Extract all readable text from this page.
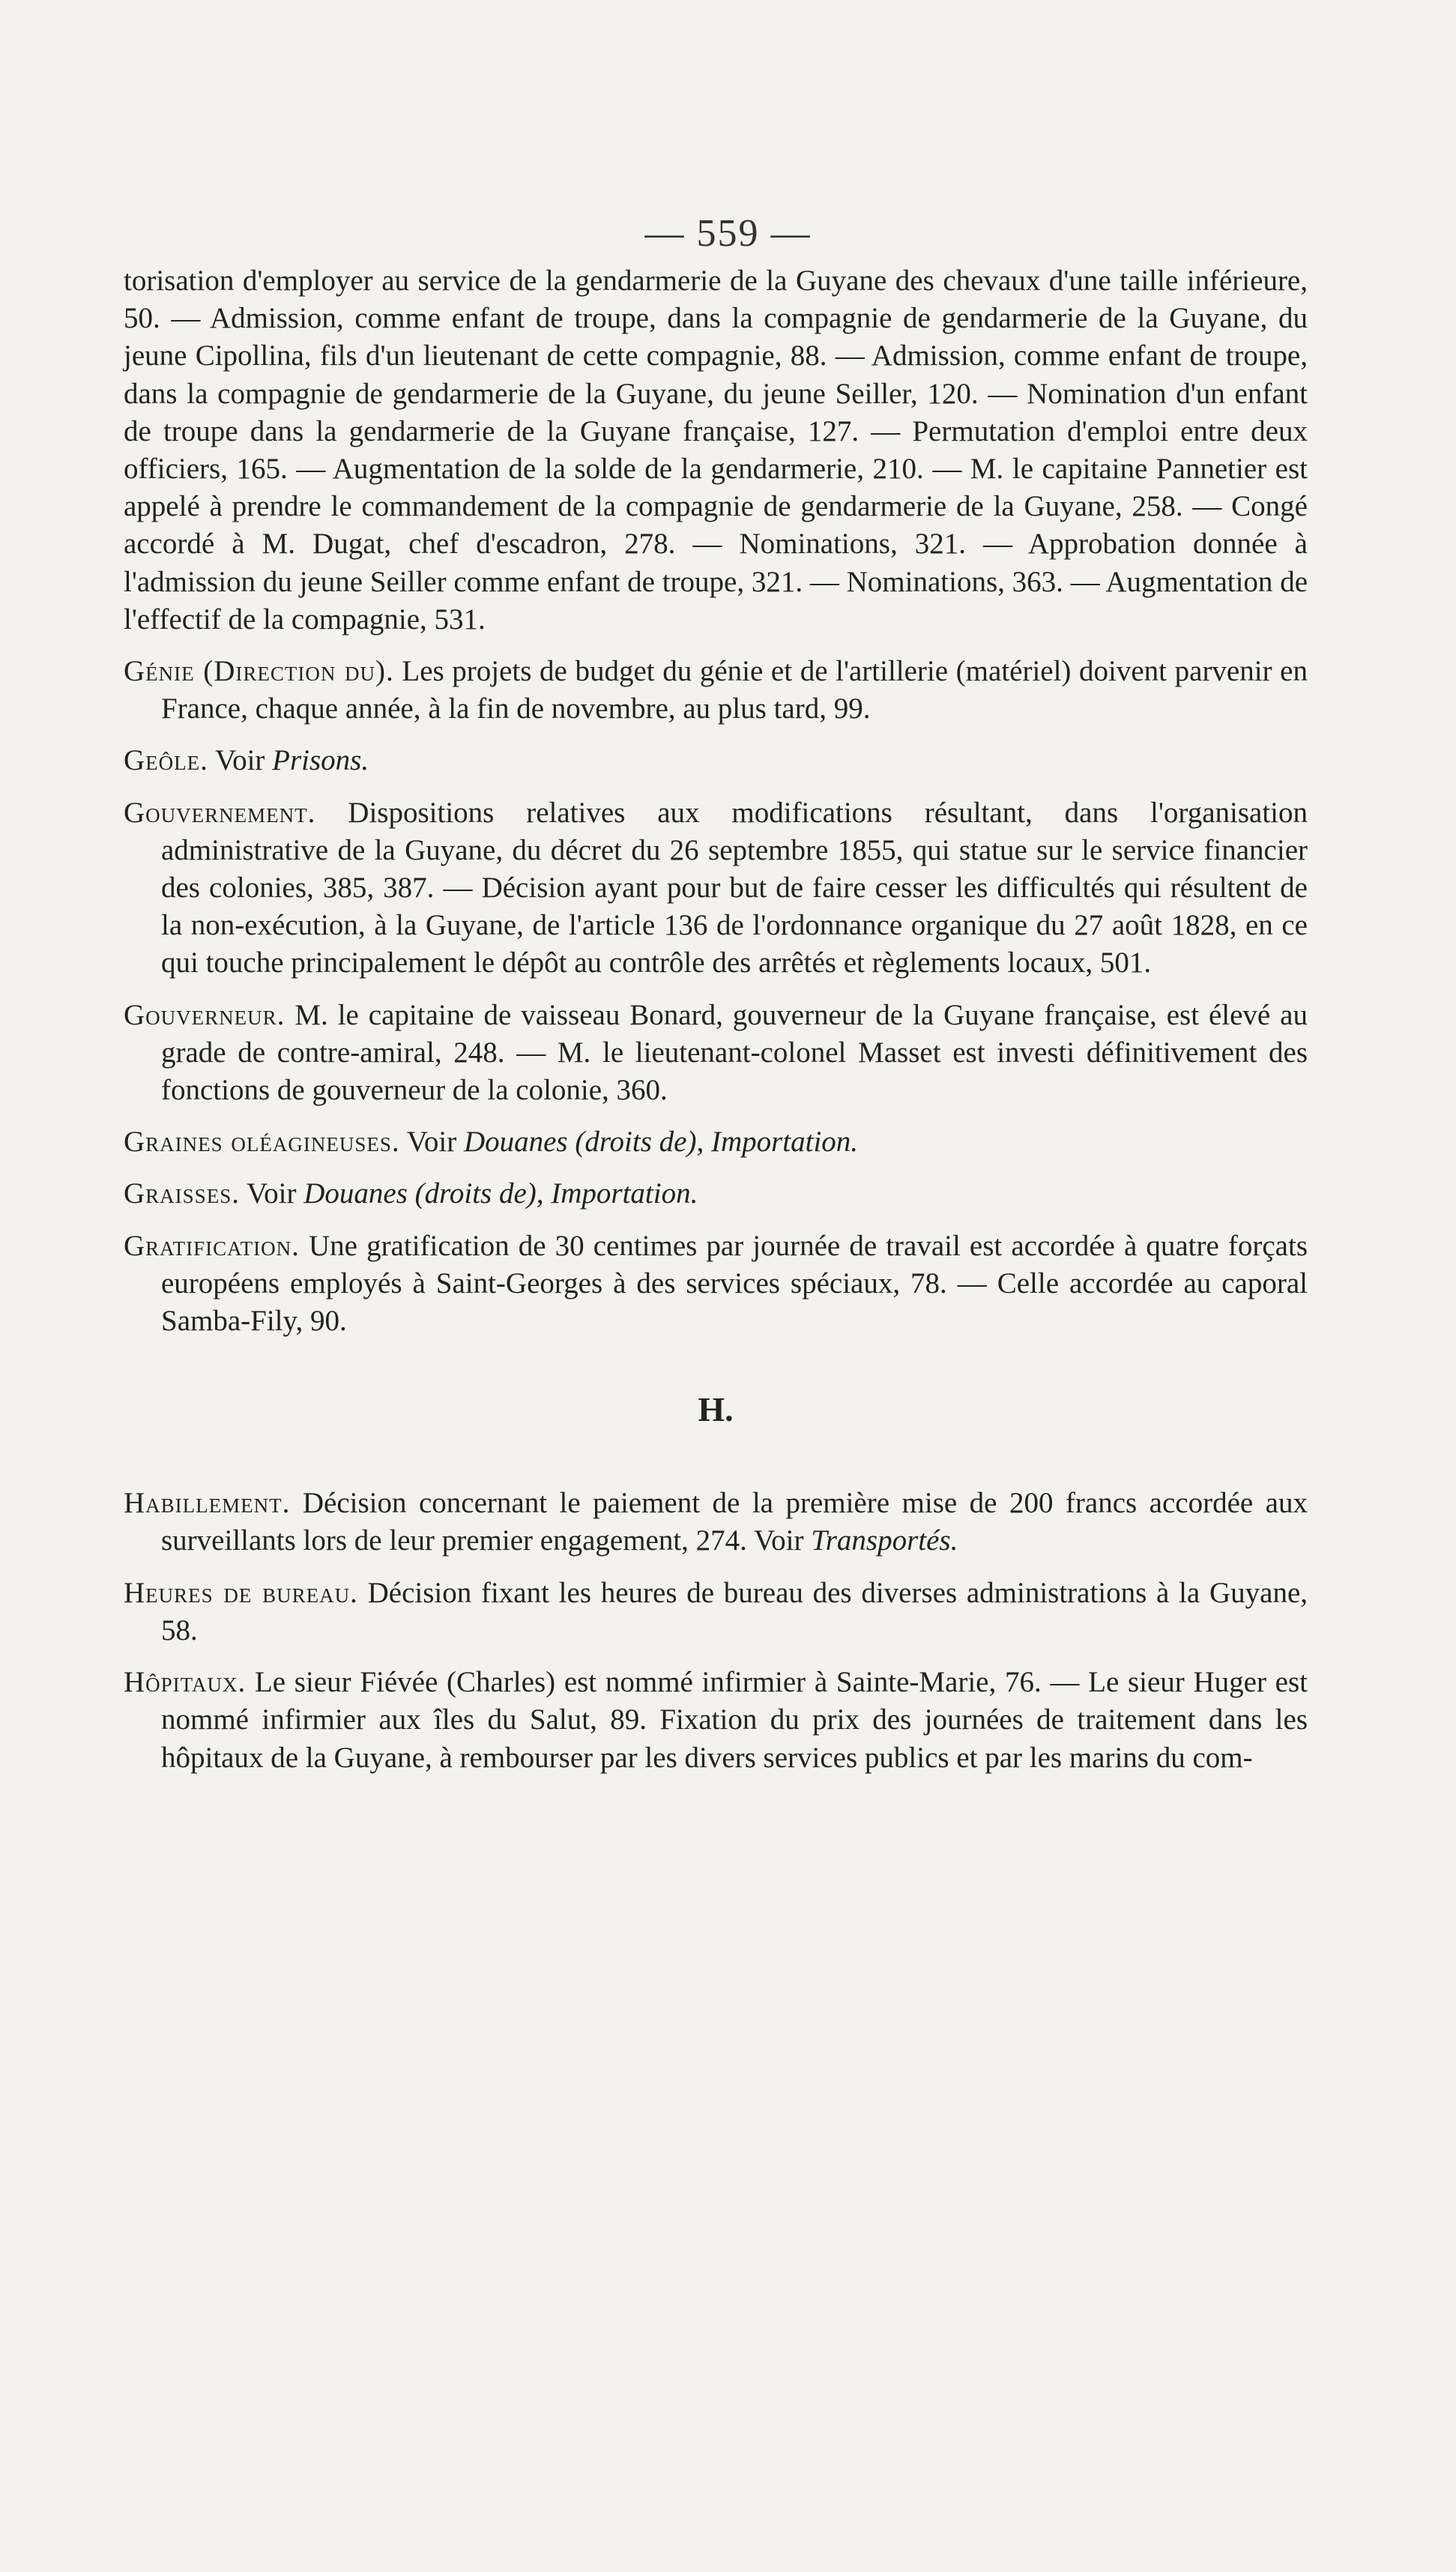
— 559 —

torisation d'employer au service de la gendarmerie de la Guyane des chevaux d'une taille inférieure, 50. — Admission, comme enfant de troupe, dans la compagnie de gendarmerie de la Guyane, du jeune Cipollina, fils d'un lieutenant de cette compagnie, 88. — Admission, comme enfant de troupe, dans la compagnie de gendarmerie de la Guyane, du jeune Seiller, 120. — Nomination d'un enfant de troupe dans la gendarmerie de la Guyane française, 127. — Permutation d'emploi entre deux officiers, 165. — Augmentation de la solde de la gendarmerie, 210. — M. le capitaine Pannetier est appelé à prendre le commandement de la compagnie de gendarmerie de la Guyane, 258. — Congé accordé à M. Dugat, chef d'escadron, 278. — Nominations, 321. — Approbation donnée à l'admission du jeune Seiller comme enfant de troupe, 321. — Nominations, 363. — Augmentation de l'effectif de la compagnie, 531.

Génie (Direction du). Les projets de budget du génie et de l'artillerie (matériel) doivent parvenir en France, chaque année, à la fin de novembre, au plus tard, 99.

Geôle. Voir Prisons.

Gouvernement. Dispositions relatives aux modifications résultant, dans l'organisation administrative de la Guyane, du décret du 26 septembre 1855, qui statue sur le service financier des colonies, 385, 387. — Décision ayant pour but de faire cesser les difficultés qui résultent de la non-exécution, à la Guyane, de l'article 136 de l'ordonnance organique du 27 août 1828, en ce qui touche principalement le dépôt au contrôle des arrêtés et règlements locaux, 501.

Gouverneur. M. le capitaine de vaisseau Bonard, gouverneur de la Guyane française, est élevé au grade de contre-amiral, 248. — M. le lieutenant-colonel Masset est investi définitivement des fonctions de gouverneur de la colonie, 360.

Graines oléagineuses. Voir Douanes (droits de), Importation.

Graisses. Voir Douanes (droits de), Importation.

Gratification. Une gratification de 30 centimes par journée de travail est accordée à quatre forçats européens employés à Saint-Georges à des services spéciaux, 78. — Celle accordée au caporal Samba-Fily, 90.

H.

Habillement. Décision concernant le paiement de la première mise de 200 francs accordée aux surveillants lors de leur premier engagement, 274. Voir Transportés.

Heures de bureau. Décision fixant les heures de bureau des diverses administrations à la Guyane, 58.

Hôpitaux. Le sieur Fiévée (Charles) est nommé infirmier à Sainte-Marie, 76. — Le sieur Huger est nommé infirmier aux îles du Salut, 89. Fixation du prix des journées de traitement dans les hôpitaux de la Guyane, à rembourser par les divers services publics et par les marins du com-
